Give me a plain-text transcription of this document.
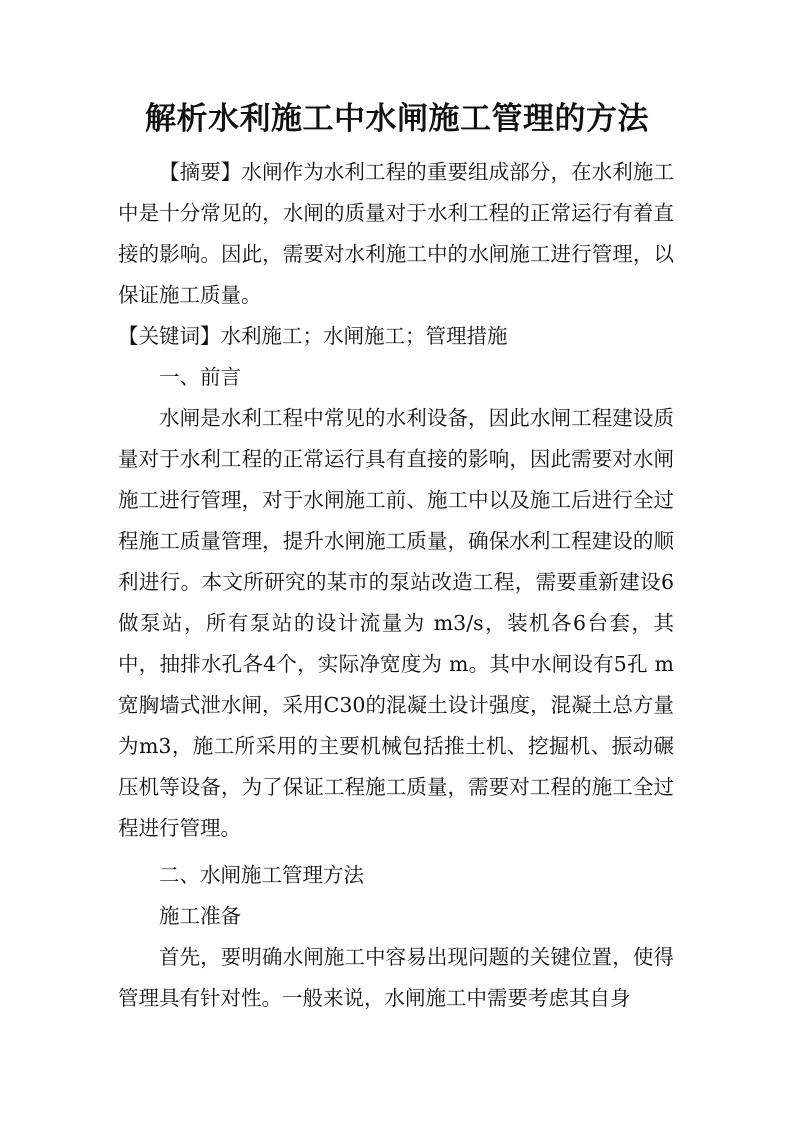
解析水利施工中水闸施工管理的方法

【摘要】水闸作为水利工程的重要组成部分，在水利施工中是十分常见的，水闸的质量对于水利工程的正常运行有着直接的影响。因此，需要对水利施工中的水闸施工进行管理，以保证施工质量。

【关键词】水利施工；水闸施工；管理措施

一、前言

水闸是水利工程中常见的水利设备，因此水闸工程建设质量对于水利工程的正常运行具有直接的影响，因此需要对水闸施工进行管理，对于水闸施工前、施工中以及施工后进行全过程施工质量管理，提升水闸施工质量，确保水利工程建设的顺利进行。本文所研究的某市的泵站改造工程，需要重新建设6做泵站，所有泵站的设计流量为 m3/s，装机各6台套，其中，抽排水孔各4个，实际净宽度为 m。其中水闸设有5孔 m宽胸墙式泄水闸，采用C30的混凝土设计强度，混凝土总方量为m3，施工所采用的主要机械包括推土机、挖掘机、振动碾压机等设备，为了保证工程施工质量，需要对工程的施工全过程进行管理。

二、水闸施工管理方法

施工准备

首先，要明确水闸施工中容易出现问题的关键位置，使得管理具有针对性。一般来说，水闸施工中需要考虑其自身
